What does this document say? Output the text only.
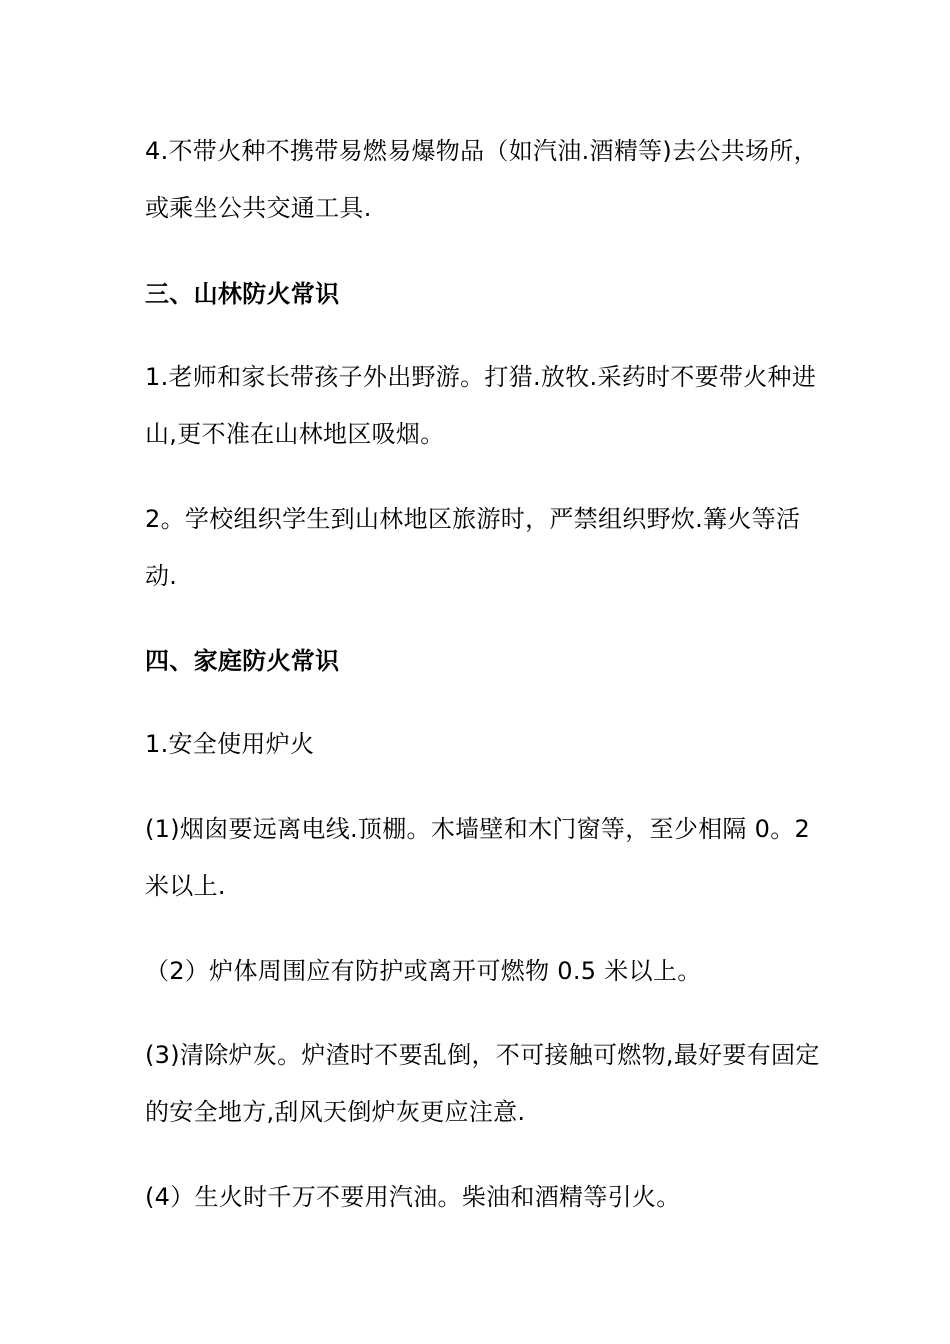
4.不带火种不携带易燃易爆物品（如汽油.酒精等)去公共场所，
或乘坐公共交通工具.
三、山林防火常识
1.老师和家长带孩子外出野游。打猎.放牧.采药时不要带火种进
山,更不准在山林地区吸烟。
2。学校组织学生到山林地区旅游时，严禁组织野炊.篝火等活
动.
四、家庭防火常识
1.安全使用炉火
(1)烟囱要远离电线.顶棚。木墙壁和木门窗等，至少相隔 0。2
米以上.
（2）炉体周围应有防护或离开可燃物 0.5 米以上。
(3)清除炉灰。炉渣时不要乱倒，不可接触可燃物,最好要有固定
的安全地方,刮风天倒炉灰更应注意.
(4）生火时千万不要用汽油。柴油和酒精等引火。
